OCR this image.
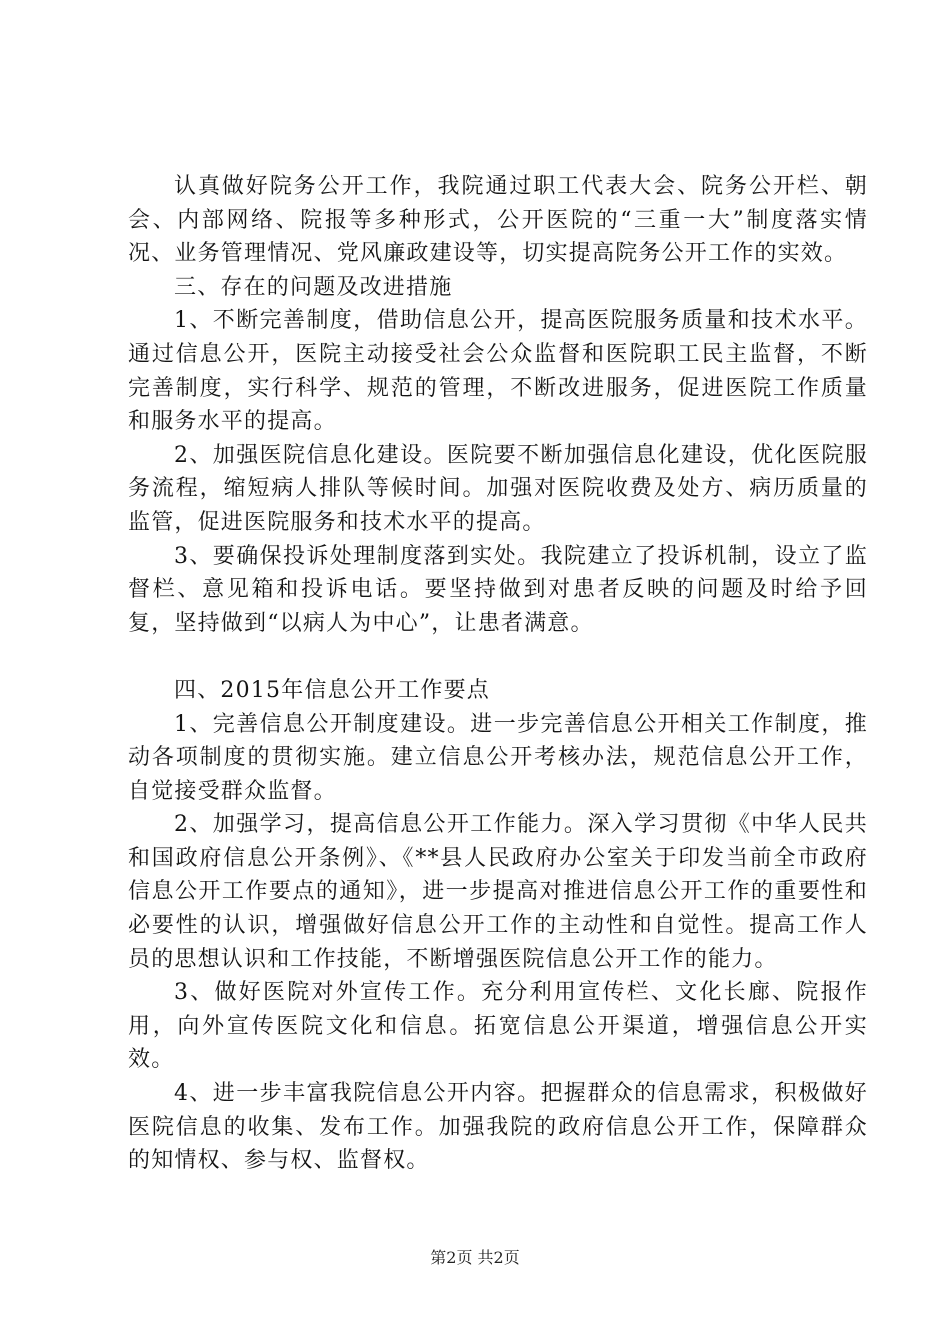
认真做好院务公开工作，我院通过职工代表大会、院务公开栏、朝会、内部网络、院报等多种形式，公开医院的“三重一大”制度落实情况、业务管理情况、党风廉政建设等，切实提高院务公开工作的实效。

三、存在的问题及改进措施

1、不断完善制度，借助信息公开，提高医院服务质量和技术水平。通过信息公开，医院主动接受社会公众监督和医院职工民主监督，不断完善制度，实行科学、规范的管理，不断改进服务，促进医院工作质量和服务水平的提高。

2、加强医院信息化建设。医院要不断加强信息化建设，优化医院服务流程，缩短病人排队等候时间。加强对医院收费及处方、病历质量的监管，促进医院服务和技术水平的提高。

3、要确保投诉处理制度落到实处。我院建立了投诉机制，设立了监督栏、意见箱和投诉电话。要坚持做到对患者反映的问题及时给予回复，坚持做到“以病人为中心”，让患者满意。

四、2015年信息公开工作要点

1、完善信息公开制度建设。进一步完善信息公开相关工作制度，推动各项制度的贯彻实施。建立信息公开考核办法，规范信息公开工作，自觉接受群众监督。

2、加强学习，提高信息公开工作能力。深入学习贯彻《中华人民共和国政府信息公开条例》、《**县人民政府办公室关于印发当前全市政府信息公开工作要点的通知》，进一步提高对推进信息公开工作的重要性和必要性的认识，增强做好信息公开工作的主动性和自觉性。提高工作人员的思想认识和工作技能，不断增强医院信息公开工作的能力。

3、做好医院对外宣传工作。充分利用宣传栏、文化长廊、院报作用，向外宣传医院文化和信息。拓宽信息公开渠道，增强信息公开实效。

4、进一步丰富我院信息公开内容。把握群众的信息需求，积极做好医院信息的收集、发布工作。加强我院的政府信息公开工作，保障群众的知情权、参与权、监督权。

第2页 共2页
